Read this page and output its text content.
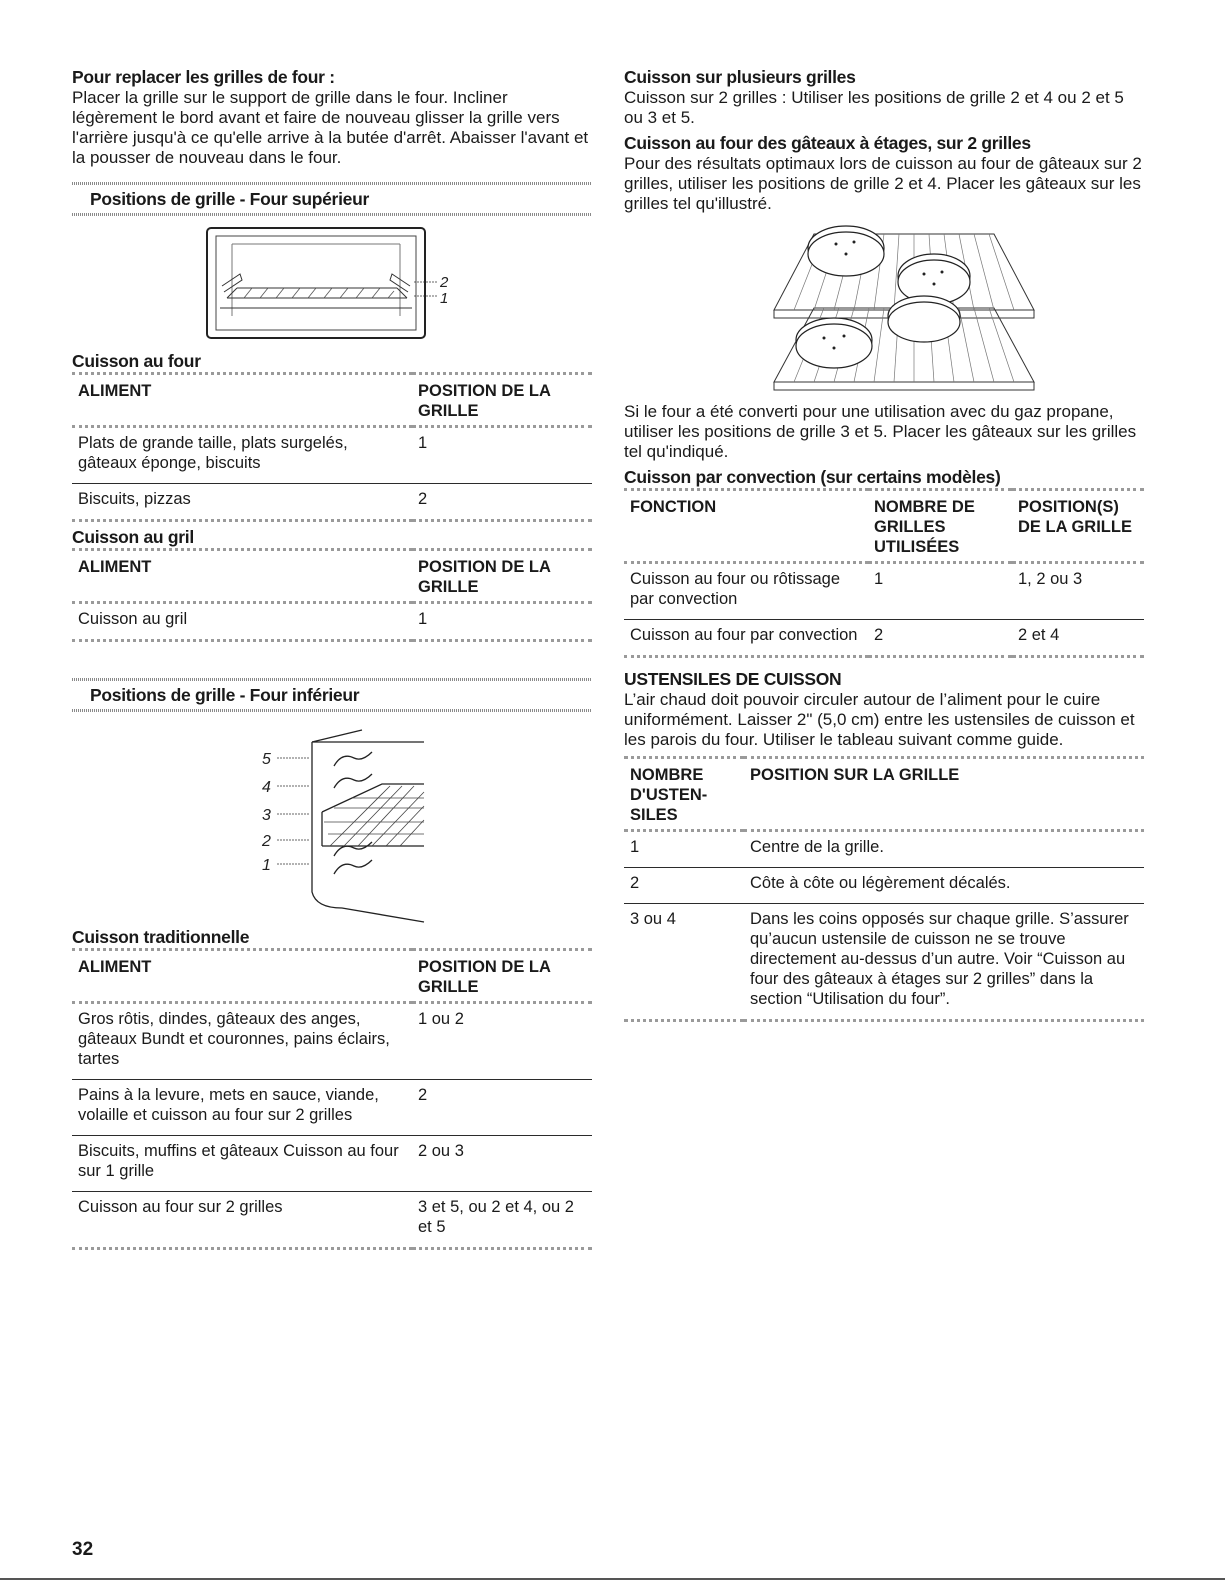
Pour replacer les grilles de four :

Placer la grille sur le support de grille dans le four. Incliner légèrement le bord avant et faire de nouveau glisser la grille vers l'arrière jusqu'à ce qu'elle arrive à la butée d'arrêt. Abaisser l'avant et la pousser de nouveau dans le four.

Positions de grille - Four supérieur
2
1
Cuisson au four
ALIMENT	POSITION DE LA GRILLE
Plats de grande taille, plats surgelés, gâteaux éponge, biscuits	1
Biscuits, pizzas	2
Cuisson au gril
ALIMENT	POSITION DE LA GRILLE
Cuisson au gril	1
Positions de grille - Four inférieur
5
4
3
2
1
Cuisson traditionnelle
ALIMENT	POSITION DE LA GRILLE
Gros rôtis, dindes, gâteaux des anges, gâteaux Bundt et couronnes, pains éclairs, tartes	1 ou 2
Pains à la levure, mets en sauce, viande, volaille et cuisson au four sur 2 grilles	2
Biscuits, muffins et gâteaux Cuisson au four sur 1 grille	2 ou 3
Cuisson au four sur 2 grilles	3 et 5, ou 2 et 4, ou 2 et 5
Cuisson sur plusieurs grilles

Cuisson sur 2 grilles : Utiliser les positions de grille 2 et 4 ou 2 et 5 ou 3 et 5.

Cuisson au four des gâteaux à étages, sur 2 grilles

Pour des résultats optimaux lors de cuisson au four de gâteaux sur 2 grilles, utiliser les positions de grille 2 et 4. Placer les gâteaux sur les grilles tel qu'illustré.

Si le four a été converti pour une utilisation avec du gaz propane, utiliser les positions de grille 3 et 5. Placer les gâteaux sur les grilles tel qu'indiqué.

Cuisson par convection (sur certains modèles)
FONCTION	NOMBRE DE GRILLES UTILISÉES	POSITION(S) DE LA GRILLE
Cuisson au four ou rôtissage par convection	1	1, 2 ou 3
Cuisson au four par convection	2	2 et 4
USTENSILES DE CUISSON

L’air chaud doit pouvoir circuler autour de l’aliment pour le cuire uniformément. Laisser 2" (5,0 cm) entre les ustensiles de cuisson et les parois du four. Utiliser le tableau suivant comme guide.

NOMBRE D'USTEN- SILES	POSITION SUR LA GRILLE
1	Centre de la grille.
2	Côte à côte ou légèrement décalés.
3 ou 4	Dans les coins opposés sur chaque grille. S’assurer qu’aucun ustensile de cuisson ne se trouve directement au-dessus d’un autre. Voir “Cuisson au four des gâteaux à étages sur 2 grilles” dans la section “Utilisation du four”.
32
